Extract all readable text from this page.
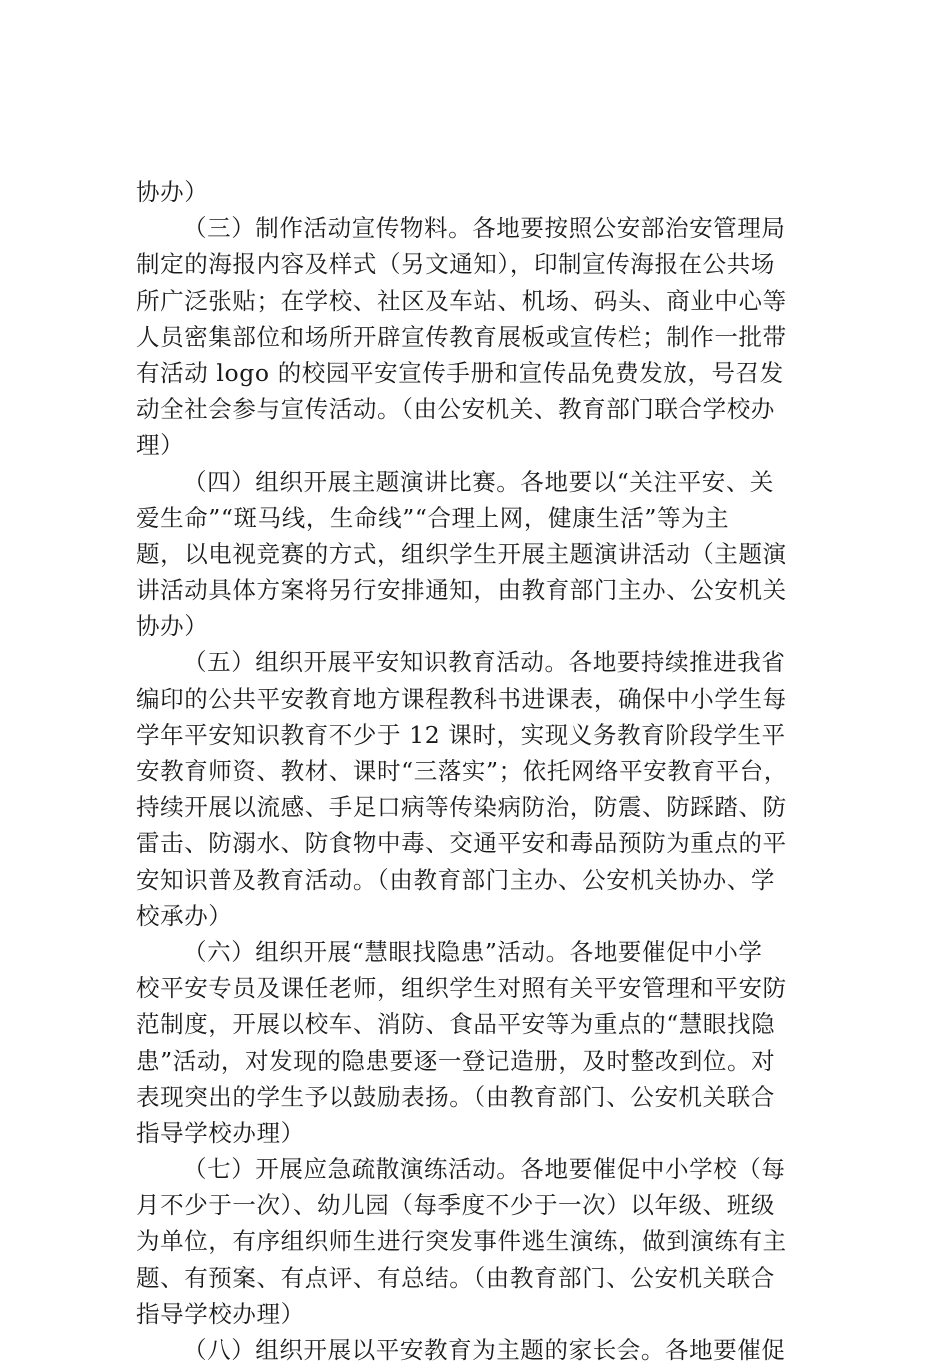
协办）
（三）制作活动宣传物料。各地要按照公安部治安管理局
制定的海报内容及样式（另文通知），印制宣传海报在公共场
所广泛张贴；在学校、社区及车站、机场、码头、商业中心等
人员密集部位和场所开辟宣传教育展板或宣传栏；制作一批带
有活动 logo 的校园平安宣传手册和宣传品免费发放，号召发
动全社会参与宣传活动。（由公安机关、教育部门联合学校办
理）
（四）组织开展主题演讲比赛。各地要以“关注平安、关
爱生命”“斑马线，生命线”“合理上网，健康生活”等为主
题，以电视竞赛的方式，组织学生开展主题演讲活动（主题演
讲活动具体方案将另行安排通知，由教育部门主办、公安机关
协办）
（五）组织开展平安知识教育活动。各地要持续推进我省
编印的公共平安教育地方课程教科书进课表，确保中小学生每
学年平安知识教育不少于 12 课时，实现义务教育阶段学生平
安教育师资、教材、课时“三落实”；依托网络平安教育平台，
持续开展以流感、手足口病等传染病防治，防震、防踩踏、防
雷击、防溺水、防食物中毒、交通平安和毒品预防为重点的平
安知识普及教育活动。（由教育部门主办、公安机关协办、学
校承办）
（六）组织开展“慧眼找隐患”活动。各地要催促中小学
校平安专员及课任老师，组织学生对照有关平安管理和平安防
范制度，开展以校车、消防、食品平安等为重点的“慧眼找隐
患”活动，对发现的隐患要逐一登记造册，及时整改到位。对
表现突出的学生予以鼓励表扬。（由教育部门、公安机关联合
指导学校办理）
（七）开展应急疏散演练活动。各地要催促中小学校（每
月不少于一次）、幼儿园（每季度不少于一次）以年级、班级
为单位，有序组织师生进行突发事件逃生演练，做到演练有主
题、有预案、有点评、有总结。（由教育部门、公安机关联合
指导学校办理）
（八）组织开展以平安教育为主题的家长会。各地要催促
